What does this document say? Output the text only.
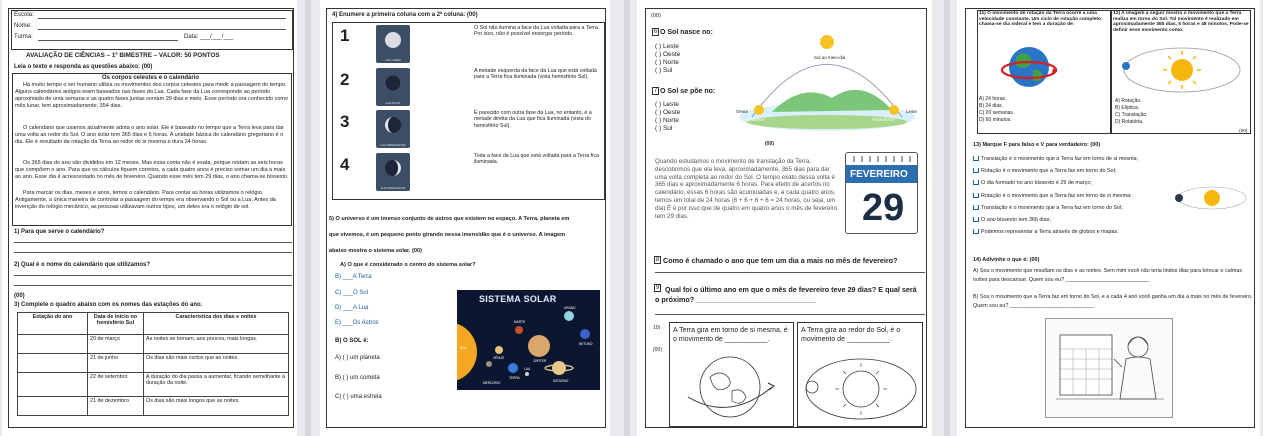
Escola:
Nome:
Turma:	Data: ___/___/___
AVALIAÇÃO DE CIÊNCIAS – 1º BIMESTRE – VALOR: 50 PONTOS
Leia o texto e responda as questões abaixo: (00)
Os corpos celestes e o calendário
Há muito tempo o ser humano utiliza os movimentos dos corpos celestes para medir a passagem do tempo. Alguns calendários antigos eram baseados nas fases da Lua. Cada fase da Lua corresponde ao período aproximado de uma semana e as quatro fases juntas somam 29 dias e meio. Esse período ora conhecido como mês lunar, tem aproximadamente, 354 dias.
O calendário que usamos atualmente adota o ano solar. Ele é baseado no tempo que a Terra leva para dar uma volta ao redor do Sol. O ano solar tem 365 dias e 6 horas. A unidade básica do calendário gregoriano é o dia. Ele é resultado da rotação da Terra ao redor do si mesma e dura 24 horas.
Os 365 dias do ano são divididos em 12 meses. Mas essa conta não é exata, porque restam as seis horas que compõem o ano. Para que os cálculos fiquem corretos, a cada quatro anos é preciso somar um dia a mais ao ano. Esse dia é acrescentado no mês de fevereiro. Quando esse mês tem 29 dias, o ano chama-se bissexto.
Para marcar os dias, meses e anos, temos o calendário. Para contar as horas utilizamos o relógio. Antigamente, a única maneira de controlar a passagem do tempo era observando o Sol ou a Lua. Antes da invenção do relógio mecânico, as pessoas utilizavam outros tipos, um deles era o relógio de sol.
1) Para que serve o calendário?
2) Qual é o nome do calendário que utilizamos?
(00)
3) Complete o quadro abaixo com os nomes das estações do ano.
Estação do ano	Data de início no hemisfério Sul	Característica dos dias e noites
	20 de março	As noites se tornam, aos poucos, mais longas.
	21 de junho	Os dias são mais curtos que as noites.
	22 de setembro	A duração do dia passa a aumentar, ficando semelhante à duração da noite.
	21 de dezembro	Os dias são mais longos que as noites.
4) Enumere a primeira coluna com a 2ª coluna: (00)
1
LUA CHEIA
O Sol não ilumina a face da Lua voltada para a Terra. Por isso, não é possível enxergar período.
2
LUA NOVA
A metade esquerda da face da Lua que está voltada para a Terra fica iluminada (vista hemisfério Sul).
3
LUA CRESCENTE
É parecido com outra fase da Lua, no entanto, é a metade direita da Lua que fica iluminada (vista do hemisfério Sul).
4
LUA MINGUANTE
Toda a face da Lua que está voltada para a Terra fica iluminada.
5) O universo é um imenso conjunto de astros que existem no espaço. A Terra, planeta em
que vivemos, é um pequeno ponto girando nessa imensidão que é o universo. A imagem
abaixo mostra o sistema solar. (00)
A) O que é considerado o centro do sistema solar?
B) ___A Terra
C) ___O Sol
D) ___A Lua
E) ___Os Astros
B) O SOL é:
A) ( ) um planeta
B) ( ) um cometa
C) ( ) uma estrela
SISTEMA SOLAR
SOL
MERCÚRIO
VÊNUS
TERRA
MARTE
JÚPITER
SATURNO
URANO
NETUNO
LUA
(00)
6 O Sol nasce no:
( ) Leste
( ) Oeste
( ) Norte
( ) Sul
7 O Sol se põe no:
( ) Leste
( ) Oeste
( ) Norte
( ) Sul
Sol ao meio-dia
Oeste	Leste
Anoitecer	Amanhecer
(00)
Quando estudamos o movimento de translação da Terra, descobrimos que ela leva, aproximadamente, 365 dias para dar uma volta completa ao redor do Sol. O tempo exato dessa volta é 365 dias e aproximadamente 6 horas. Para efeito de acertos no calendário, essas 6 horas são acumuladas e, a cada quatro anos, temos um total de 24 horas (6 + 6 + 6 + 6 = 24 horas, ou seja, um dia) É é por isso que de quatro em quatro anos o mês de fevereiro tem 29 dias.
FEVEREIRO
29
8 Como é chamado o ano que tem um dia a mais no mês de fevereiro?
9 Qual foi o último ano em que o mês de fevereiro teve 29 dias? E qual será o próximo? ______________________________
10)
(00)
A Terra gira em torno de si mesma, é o movimento de ___________.
A Terra gira ao redor do Sol, é o movimento de ___________.
11) O movimento de rotação da Terra ocorre a uma velocidade constante. Um ciclo de rotação completo chama-se dia sideral e tem a duração de:
12) A imagem a seguir mostra o movimento que a Terra realiza em torno do Sol. Tal movimento é realizado em aproximadamente 365 dias, 5 horas e 48 minutos. Pode-se definir esse movimento como:
A) 24 horas.
B) 24 dias.
C) 20 semanas.
D) 60 minutos.
A) Rotação.
B) Elíptica.
C) Translação.
D) Rotatória.
(00)
13) Marque F para falso e V para verdadeiro: (00)
Translação é o movimento que a Terra faz em torno de si mesma;
Rotação é o movimento que a Terra faz em torno do Sol;
O dia formado no ano bissexto é 29 de março;
Rotação é o movimento que a Terra faz em torno de si mesma;
Translação é o movimento que a Terra faz em torno do Sol;
O ano bissexto tem 366 dias;
Podemos representar a Terra através de globos e mapas.
14) Adivinhe o que é: (00)
A) Sou o movimento que resultam os dias e as noites. Sem mim você não teria lindos dias para brincar e calmas noites para descansar. Quem sou eu? ____________________________
B) Sou o movimento que a Terra faz em torno do Sol, e a cada 4 ano você ganha um dia a mais no mês de fevereiro. Quem sou eu? ____________________________
